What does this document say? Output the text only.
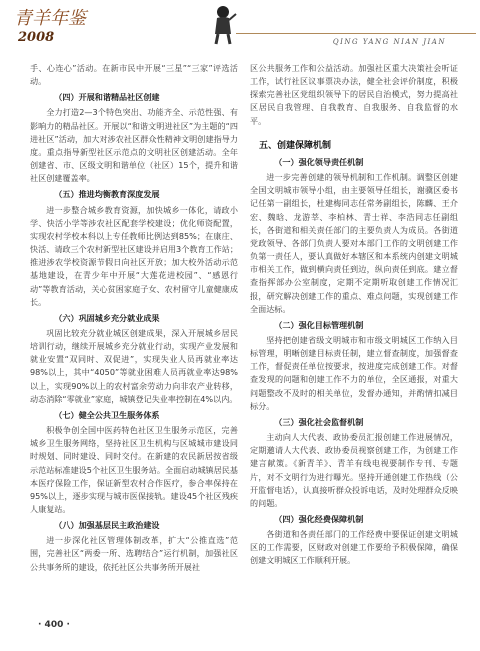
青羊年鉴
2008	QING YANG NIAN JIAN

手、心连心”活动。在新市民中开展“三星”“三家”评选活动。

（四）开展和谐精品社区创建

全力打造2—3个特色突出、功能齐全、示范性强、有影响力的精品社区。开展以“和谐文明进社区”为主题的“四进社区”活动，加大对涉农社区群众性精神文明创建指导力度。重点指导新型社区示范点的文明社区创建活动。全年创建省、市、区级文明和谐单位（社区）15个，提升和谐社区创建覆盖率。

（五）推进均衡教育深度发展

进一步整合城乡教育资源，加快城乡一体化，请政小学、快活小学等涉农社区配套学校建设；优化师资配置，实现农村学校本科以上专任教师比例达到85%；在康庄、快活、请政三个农村新型社区建设并启用3个教育工作站；推进涉农学校资源节假日向社区开放；加大校外活动示范基地建设，在青少年中开展“大莲花进校园”、“感恩行动”等教育活动，关心贫困家庭子女、农村留守儿童健康成长。

（六）巩固城乡充分就业成果

巩固比较充分就业城区创建成果，深入开展城乡居民培训行动，继续开展城乡充分就业行动，实现产业发展和就业安置“双同时、双促进”，实现失业人员再就业率达98%以上，其中“4050”等就业困难人员再就业率达98%以上，实现90%以上的农村富余劳动力向非农产业转移，动态消除“零就业”家庭，城镇登记失业率控制在4%以内。

（七）健全公共卫生服务体系

积极争创全国中医药特色社区卫生服务示范区，完善城乡卫生服务网络，坚持社区卫生机构与区城城市建设同时规划、同时建设、同时交付。在新建的农民新居按省级示范站标准建设5个社区卫生服务站。全面启动城镇居民基本医疗保险工作，保证新型农村合作医疗，参合率保持在95%以上，逐步实现与城市医保接轨。建设45个社区残疾人康复站。

（八）加强基层民主政治建设

进一步深化社区管理体制改革，扩大“公推直选”范围，完善社区“两委一所、选聘结合”运行机制，加强社区公共事务所的建设，依托社区公共事务所开展社

区公共服务工作和公益活动。加强社区重大决策社会听证工作，试行社区议事票决办法，健全社会评价制度，积极探索完善社区党组织领导下的居民自治模式，努力提高社区居民自我管理、自我教育、自我服务、自我监督的水平。

五、创建保障机制
（一）强化领导责任机制

进一步完善创建的领导机制和工作机制。调整区创建全国文明城市领导小组，由主要领导任组长，谢骥区委书记任第一副组长，杜建梅同志任常务副组长，陈麟、王介宏、魏晗、龙游莘、李柏林、青士祥、李浩同志任副组长，各街道和相关责任部门的主要负责人为成员。各街道党政领导、各部门负责人要对本部门工作的文明创建工作负第一责任人，要认真做好本辖区和本系统内创建文明城市相关工作，做到横向责任到边，纵向责任到底。建立督查指挥部办公室制度，定期不定期听取创建工作情况汇报，研究解决创建工作的重点、难点问题，实现创建工作全面达标。

（二）强化目标管理机制

坚持把创建省级文明城市和市级文明城区工作纳入目标管理，明晰创建目标责任制，建立督查制度，加强督查工作，督促责任单位按要求，按进度完成创建工作。对督查发现的问题和创建工作不力的单位，全区通报，对重大问题整改不及时的相关单位，发督办通知，并酌情扣减目标分。

（三）强化社会监督机制

主动向人大代表、政协委员汇报创建工作进展情况，定期邀请人大代表、政协委员视察创建工作，为创建工作建言献策。《新青羊》、青羊有线电视要制作专刊、专题片，对不文明行为进行曝光。坚持开通创建工作热线（公开监督电话），认真接听群众投诉电话，及时处理群众反映的问题。

（四）强化经费保障机制

各街道和各责任部门的工作经费中要保证创建文明城区的工作需要，区财政对创建工作要给予积极保障，确保创建文明城区工作顺利开展。

· 400 ·
